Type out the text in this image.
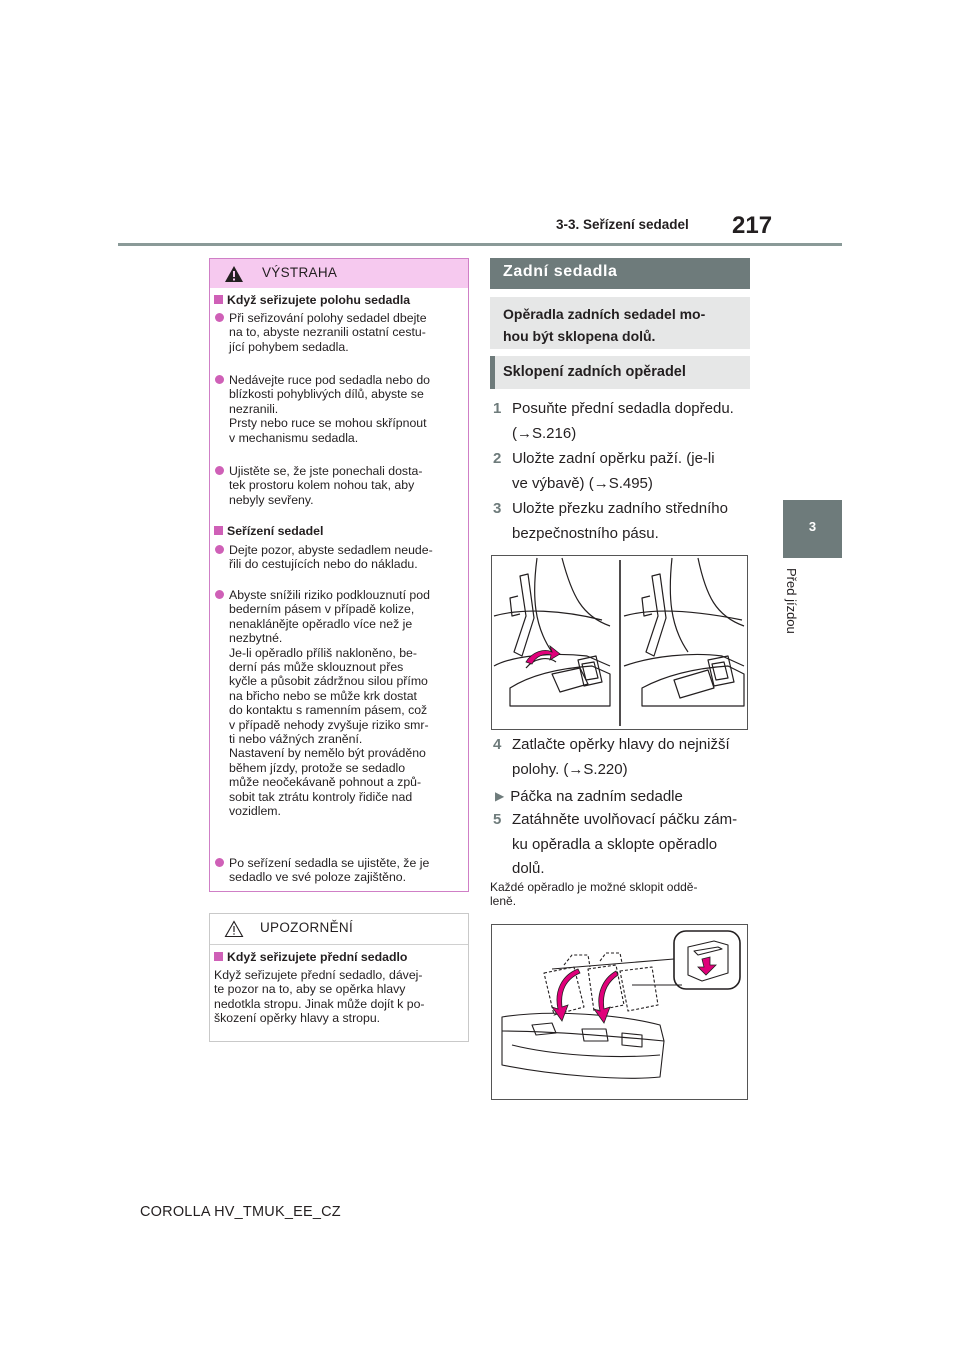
3-3. Seřízení sedadel 217
3
Před jízdou
VÝSTRAHA
Když seřizujete polohu sedadla
Při seřizování polohy sedadel dbejte
na to, abyste nezranili ostatní cestu-
jící pohybem sedadla.
Nedávejte ruce pod sedadla nebo do
blízkosti pohyblivých dílů, abyste se
nezranili.
Prsty nebo ruce se mohou skřípnout
v mechanismu sedadla.
Ujistěte se, že jste ponechali dosta-
tek prostoru kolem nohou tak, aby
nebyly sevřeny.
Seřízení sedadel
Dejte pozor, abyste sedadlem neude-
řili do cestujících nebo do nákladu.
Abyste snížili riziko podklouznutí pod
bederním pásem v případě kolize,
nenaklánějte opěradlo více než je
nezbytné.
Je-li opěradlo příliš nakloněno, be-
derní pás může sklouznout přes
kyčle a působit zádržnou silou přímo
na břicho nebo se může krk dostat
do kontaktu s ramenním pásem, což
v případě nehody zvyšuje riziko smr-
ti nebo vážných zranění.
Nastavení by nemělo být prováděno
během jízdy, protože se sedadlo
může neočekávaně pohnout a způ-
sobit tak ztrátu kontroly řidiče nad
vozidlem.
Po seřízení sedadla se ujistěte, že je
sedadlo ve své poloze zajištěno.
UPOZORNĚNÍ
Když seřizujete přední sedadlo
Když seřizujete přední sedadlo, dávej-
te pozor na to, aby se opěrka hlavy
nedotkla stropu. Jinak může dojít k po-
škození opěrky hlavy a stropu.
Zadní sedadla
Opěradla zadních sedadel mo-
hou být sklopena dolů.
Sklopení zadních opěradel
1 Posuňte přední sedadla dopředu.
(→S.216)
2 Uložte zadní opěrku paží. (je-li
ve výbavě) (→S.495)
3 Uložte přezku zadního středního
bezpečnostního pásu.
4 Zatlačte opěrky hlavy do nejnižší
polohy. (→S.220)
▶ Páčka na zadním sedadle
5 Zatáhněte uvolňovací páčku zám-
ku opěradla a sklopte opěradlo
dolů.
Každé opěradlo je možné sklopit oddě-
leně.
COROLLA HV_TMUK_EE_CZ
